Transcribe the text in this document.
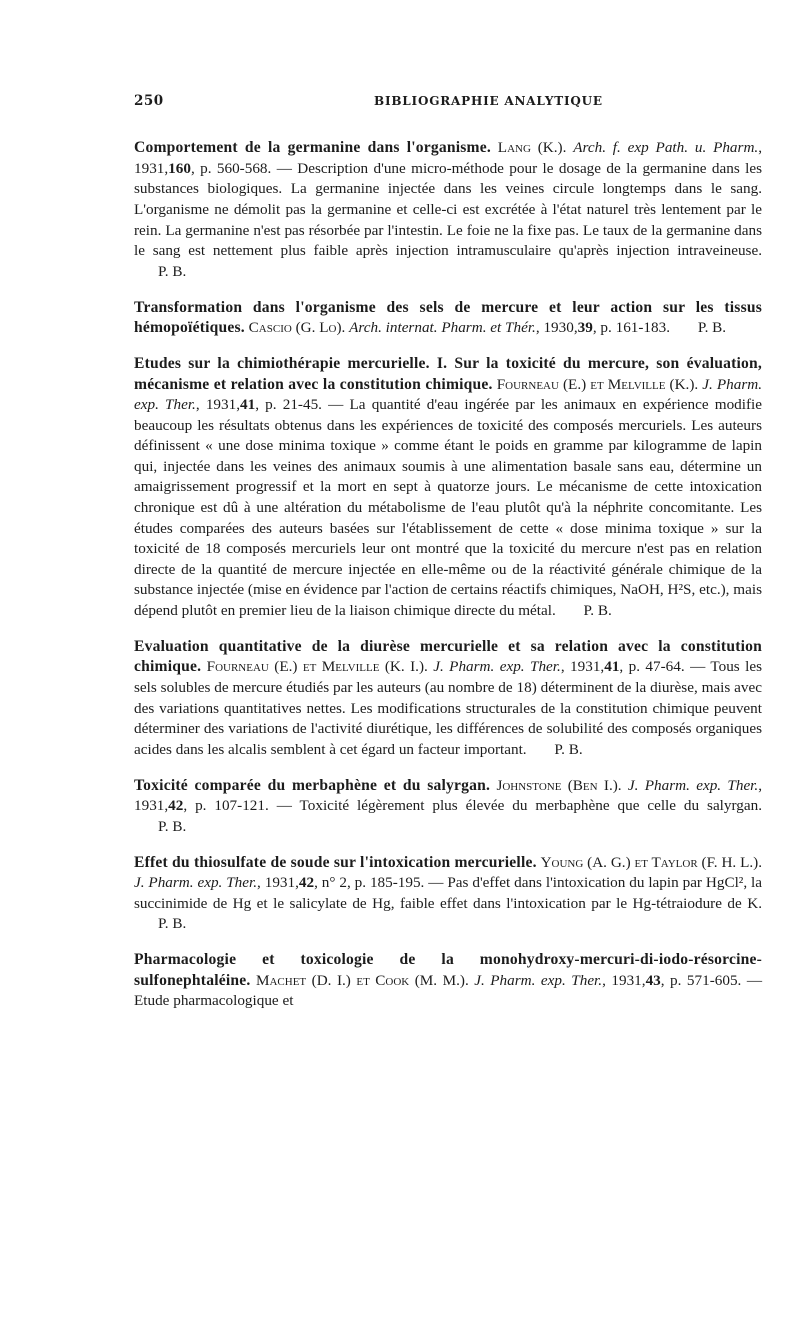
250	BIBLIOGRAPHIE ANALYTIQUE

Comportement de la germanine dans l'organisme. Lang (K.). Arch. f. exp Path. u. Pharm., 1931,160, p. 560-568. — Description d'une micro-méthode pour le dosage de la germanine dans les substances biologiques. La germanine injectée dans les veines circule longtemps dans le sang. L'organisme ne démolit pas la germanine et celle-ci est excrétée à l'état naturel très lentement par le rein. La germanine n'est pas résorbée par l'intestin. Le foie ne la fixe pas. Le taux de la germanine dans le sang est nettement plus faible après injection intramusculaire qu'après injection intraveineuse. P. B.

Transformation dans l'organisme des sels de mercure et leur action sur les tissus hémopoïétiques. Cascio (G. Lo). Arch. internat. Pharm. et Thér., 1930,39, p. 161-183. P. B.

Etudes sur la chimiothérapie mercurielle. I. Sur la toxicité du mercure, son évaluation, mécanisme et relation avec la constitution chimique. Fourneau (E.) et Melville (K.). J. Pharm. exp. Ther., 1931,41, p. 21-45. — La quantité d'eau ingérée par les animaux en expérience modifie beaucoup les résultats obtenus dans les expériences de toxicité des composés mercuriels. Les auteurs définissent « une dose minima toxique » comme étant le poids en gramme par kilogramme de lapin qui, injectée dans les veines des animaux soumis à une alimentation basale sans eau, détermine un amaigrissement progressif et la mort en sept à quatorze jours. Le mécanisme de cette intoxication chronique est dû à une altération du métabolisme de l'eau plutôt qu'à la néphrite concomitante. Les études comparées des auteurs basées sur l'établissement de cette « dose minima toxique » sur la toxicité de 18 composés mercuriels leur ont montré que la toxicité du mercure n'est pas en relation directe de la quantité de mercure injectée en elle-même ou de la réactivité générale chimique de la substance injectée (mise en évidence par l'action de certains réactifs chimiques, NaOH, H²S, etc.), mais dépend plutôt en premier lieu de la liaison chimique directe du métal. P. B.

Evaluation quantitative de la diurèse mercurielle et sa relation avec la constitution chimique. Fourneau (E.) et Melville (K. I.). J. Pharm. exp. Ther., 1931,41, p. 47-64. — Tous les sels solubles de mercure étudiés par les auteurs (au nombre de 18) déterminent de la diurèse, mais avec des variations quantitatives nettes. Les modifications structurales de la constitution chimique peuvent déterminer des variations de l'activité diurétique, les différences de solubilité des composés organiques acides dans les alcalis semblent à cet égard un facteur important. P. B.

Toxicité comparée du merbaphène et du salyrgan. Johnstone (Ben I.). J. Pharm. exp. Ther., 1931,42, p. 107-121. — Toxicité légèrement plus élevée du merbaphène que celle du salyrgan. P. B.

Effet du thiosulfate de soude sur l'intoxication mercurielle. Young (A. G.) et Taylor (F. H. L.). J. Pharm. exp. Ther., 1931,42, n° 2, p. 185-195. — Pas d'effet dans l'intoxication du lapin par HgCl², la succinimide de Hg et le salicylate de Hg, faible effet dans l'intoxication par le Hg-tétraiodure de K. P. B.

Pharmacologie et toxicologie de la monohydroxy-mercuri-di-iodo-résorcine-sulfonephtaléine. Machet (D. I.) et Cook (M. M.). J. Pharm. exp. Ther., 1931,43, p. 571-605. — Etude pharmacologique et
